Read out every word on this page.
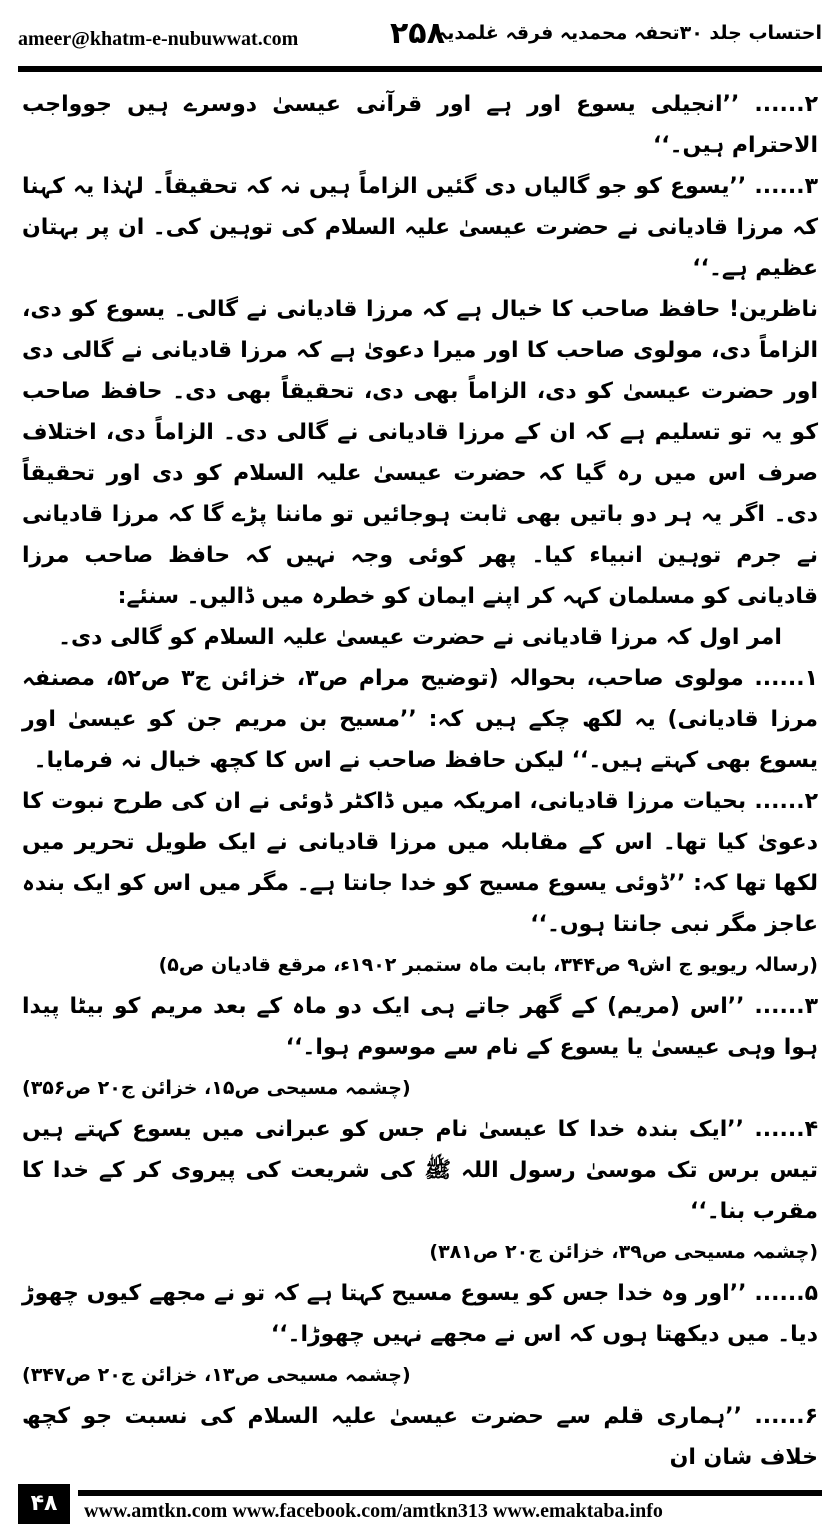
ameer@khatm-e-nubuwwat.com	۲۵۸
احتساب جلد ۳۰تحفہ محمدیہ فرقہ غلمدیہ

۲...... ’’انجیلی یسوع اور ہے اور قرآنی عیسیٰ دوسرے ہیں جوواجب الاحترام ہیں۔‘‘

۳...... ’’یسوع کو جو گالیاں دی گئیں الزاماً ہیں نہ کہ تحقیقاً۔ لہٰذا یہ کہنا کہ مرزا قادیانی نے حضرت عیسیٰ علیہ السلام کی توہین کی۔ ان پر بہتان عظیم ہے۔‘‘

ناظرین! حافظ صاحب کا خیال ہے کہ مرزا قادیانی نے گالی۔ یسوع کو دی، الزاماً دی، مولوی صاحب کا اور میرا دعویٰ ہے کہ مرزا قادیانی نے گالی دی اور حضرت عیسیٰ کو دی، الزاماً بھی دی، تحقیقاً بھی دی۔ حافظ صاحب کو یہ تو تسلیم ہے کہ ان کے مرزا قادیانی نے گالی دی۔ الزاماً دی، اختلاف صرف اس میں رہ گیا کہ حضرت عیسیٰ علیہ السلام کو دی اور تحقیقاً دی۔ اگر یہ ہر دو باتیں بھی ثابت ہوجائیں تو ماننا پڑے گا کہ مرزا قادیانی نے جرم توہین انبیاء کیا۔ پھر کوئی وجہ نہیں کہ حافظ صاحب مرزا قادیانی کو مسلمان کہہ کر اپنے ایمان کو خطرہ میں ڈالیں۔ سنئے:

امر اول کہ مرزا قادیانی نے حضرت عیسیٰ علیہ السلام کو گالی دی۔

۱...... مولوی صاحب، بحوالہ (توضیح مرام ص۳، خزائن ج۳ ص۵۲، مصنفہ مرزا قادیانی) یہ لکھ چکے ہیں کہ: ’’مسیح بن مریم جن کو عیسیٰ اور یسوع بھی کہتے ہیں۔‘‘ لیکن حافظ صاحب نے اس کا کچھ خیال نہ فرمایا۔

۲...... بحیات مرزا قادیانی، امریکہ میں ڈاکٹر ڈوئی نے ان کی طرح نبوت کا دعویٰ کیا تھا۔ اس کے مقابلہ میں مرزا قادیانی نے ایک طویل تحریر میں لکھا تھا کہ: ’’ڈوئی یسوع مسیح کو خدا جانتا ہے۔ مگر میں اس کو ایک بندہ عاجز مگر نبی جانتا ہوں۔‘‘

(رسالہ ریویو ج اش۹ ص۳۴۴، بابت ماہ ستمبر ۱۹۰۲ء، مرقع قادیان ص۵)

۳...... ’’اس (مریم) کے گھر جاتے ہی ایک دو ماہ کے بعد مریم کو بیٹا پیدا ہوا وہی عیسیٰ یا یسوع کے نام سے موسوم ہوا۔‘‘

(چشمہ مسیحی ص۱۵، خزائن ج۲۰ ص۳۵۶)

۴...... ’’ایک بندہ خدا کا عیسیٰ نام جس کو عبرانی میں یسوع کہتے ہیں تیس برس تک موسیٰ رسول اللہ ﷺ کی شریعت کی پیروی کر کے خدا کا مقرب بنا۔‘‘

(چشمہ مسیحی ص۳۹، خزائن ج۲۰ ص۳۸۱)

۵...... ’’اور وہ خدا جس کو یسوع مسیح کہتا ہے کہ تو نے مجھے کیوں چھوڑ دیا۔ میں دیکھتا ہوں کہ اس نے مجھے نہیں چھوڑا۔‘‘

(چشمہ مسیحی ص۱۳، خزائن ج۲۰ ص۳۴۷)

۶...... ’’ہماری قلم سے حضرت عیسیٰ علیہ السلام کی نسبت جو کچھ خلاف شان ان

۴۸	www.amtkn.com www.facebook.com/amtkn313 www.emaktaba.info
